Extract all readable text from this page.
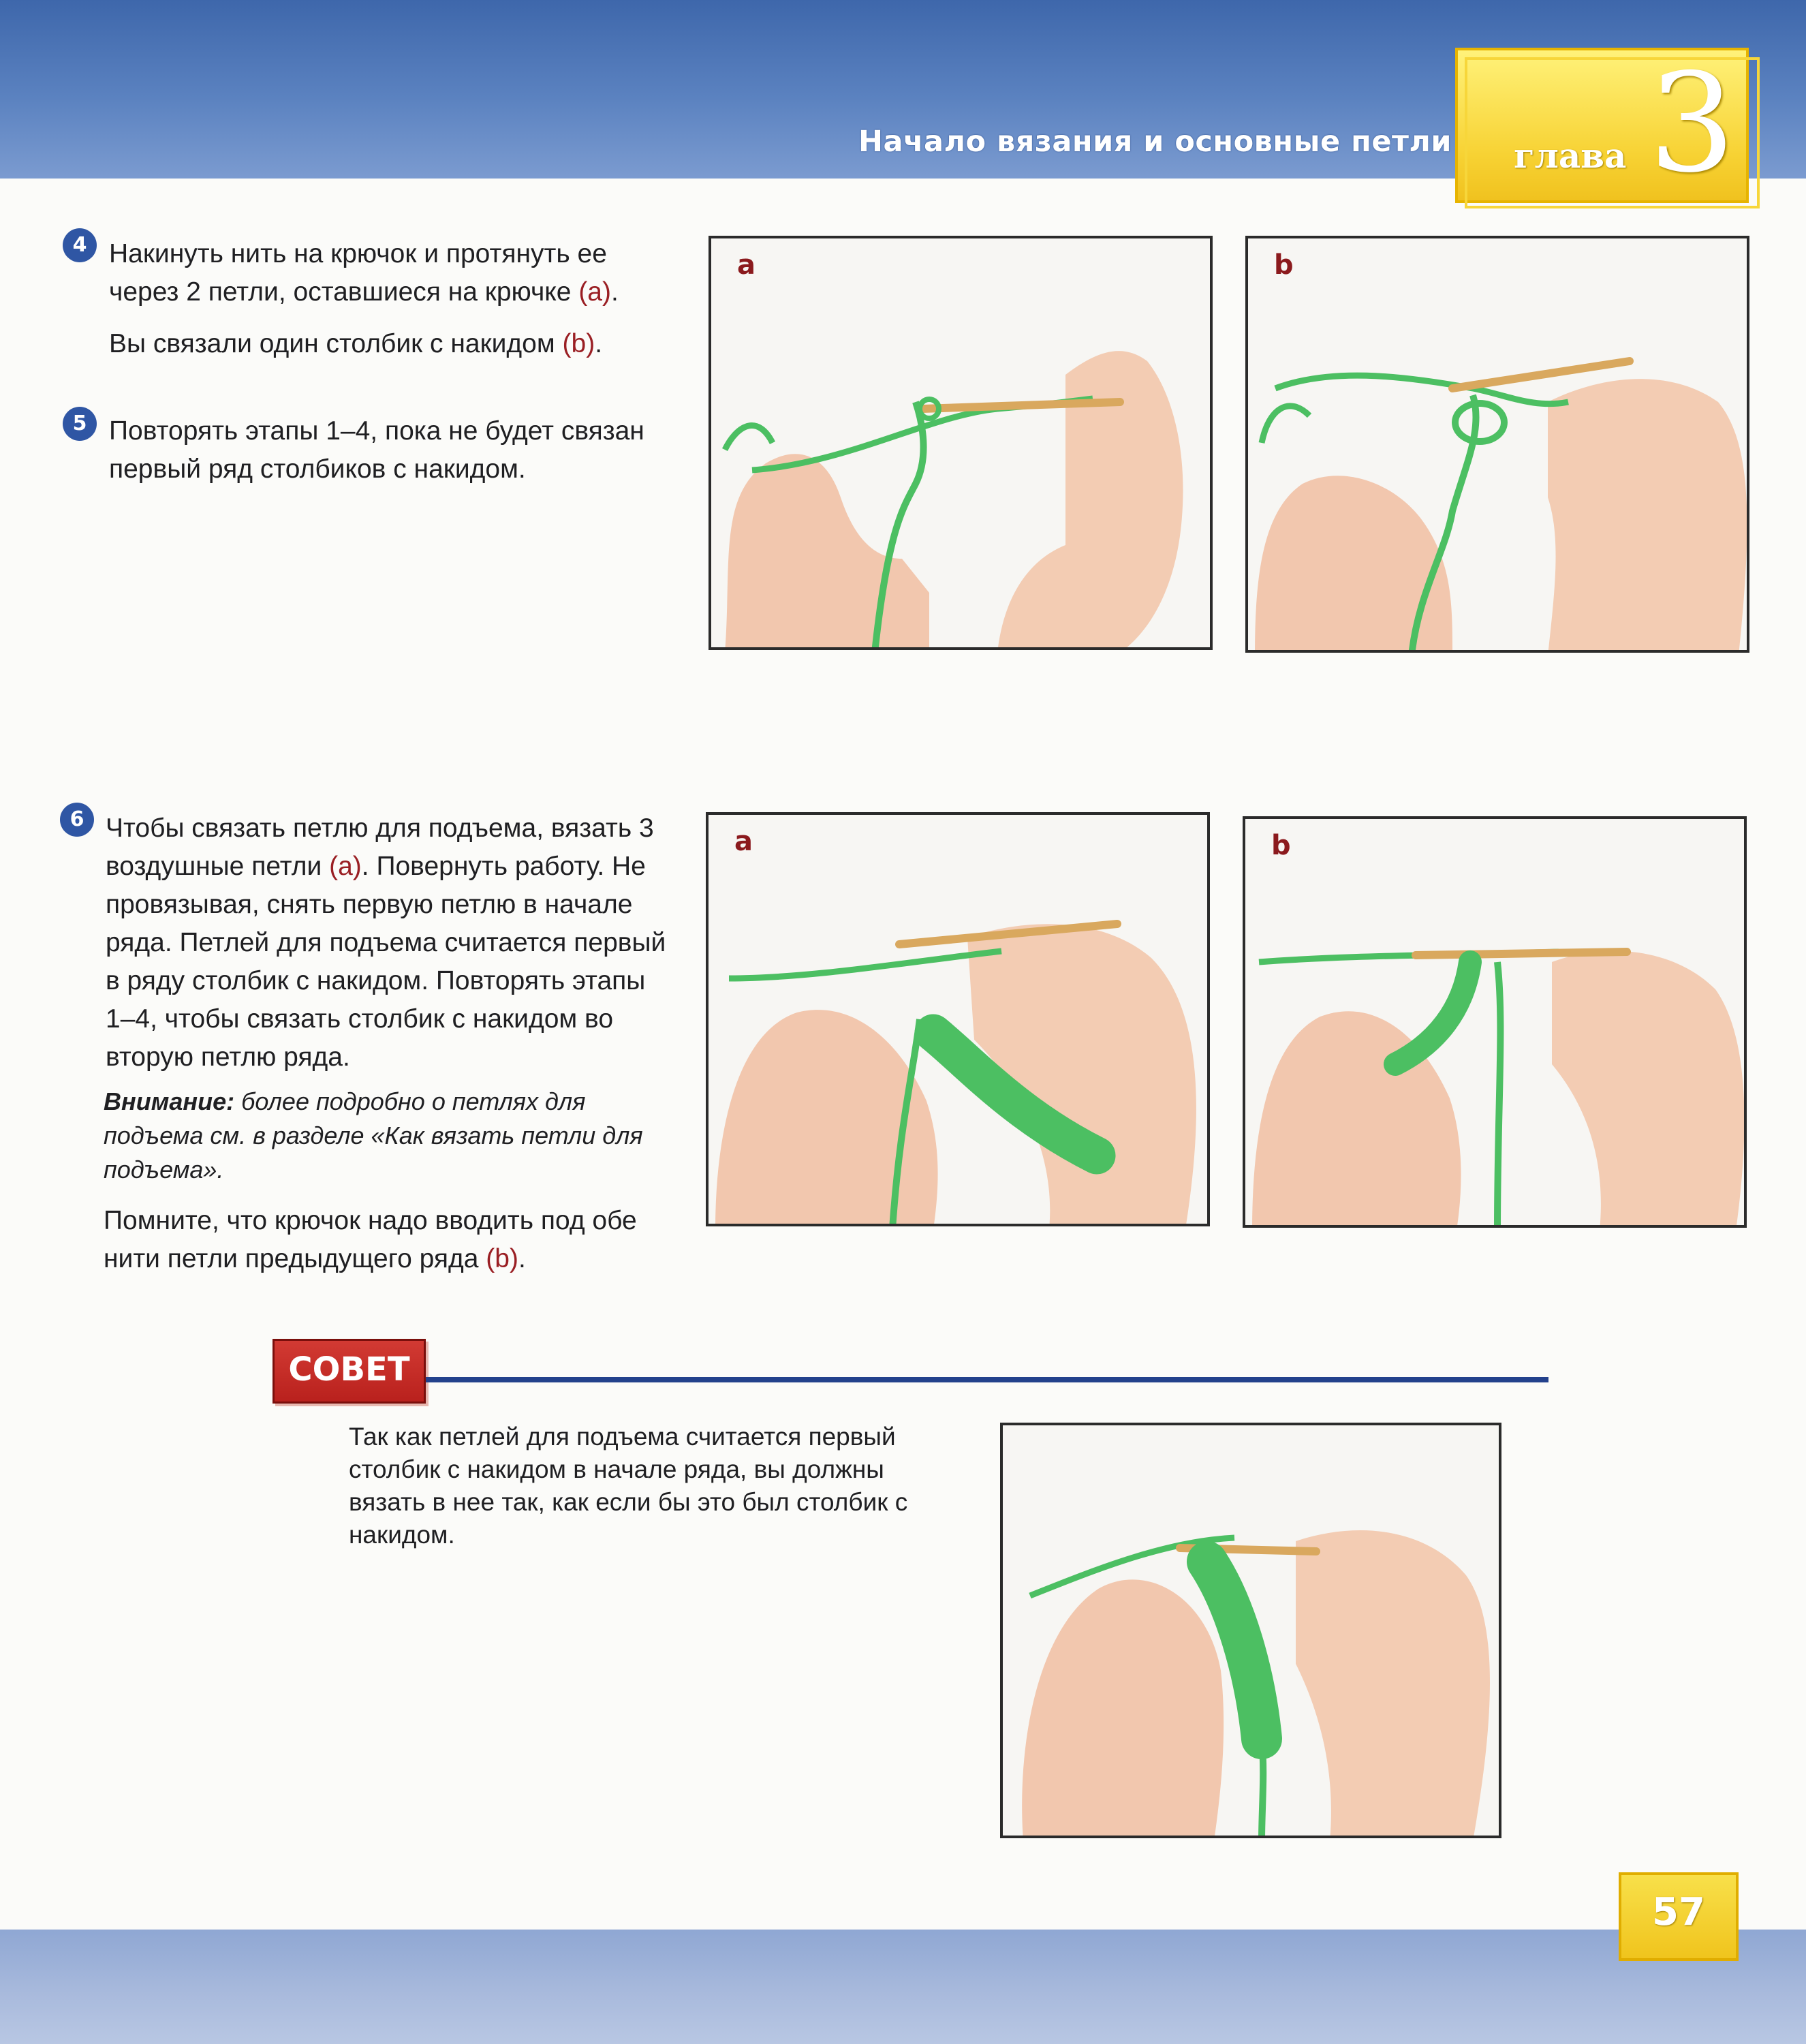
Начало вязания и основные петли глава 3
4 Накинуть нить на крючок и протянуть ее через 2 петли, оставшиеся на крючке (a).

Вы связали один столбик с накидом (b).

5 Повторять этапы 1–4, пока не будет связан первый ряд столбиков с накидом.
a	b
6 Чтобы связать петлю для подъема, вязать 3 воздушные петли (a). Повернуть работу. Не провязывая, снять первую петлю в начале ряда. Петлей для подъема считается первый в ряду столбик с накидом. Повторять этапы 1–4, чтобы связать столбик с накидом во вторую петлю ряда.

Внимание: более подробно о петлях для подъема см. в разделе «Как вязать петли для подъема».

Помните, что крючок надо вводить под обе нити петли предыдущего ряда (b).

a	b
СОВЕТ
Так как петлей для подъема считается первый столбик с накидом в начале ряда, вы должны вязать в нее так, как если бы это был столбик с накидом.
57
